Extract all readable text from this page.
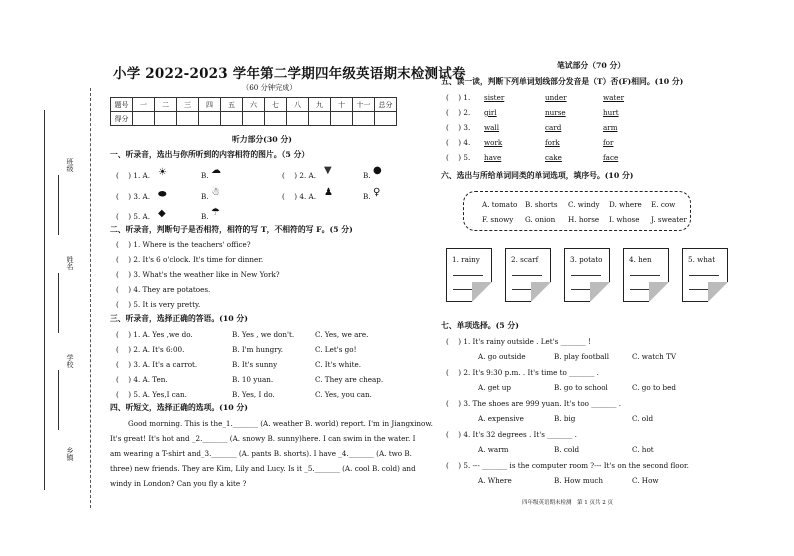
班级
姓名
学校
乡镇
小学 2022-2023 学年第二学期四年级英语期末检测试卷
（60 分钟完成）
题号	一	二	三	四	五	六	七	八	九	十	十一	总分
得分												
听力部分(30 分)
一、听录音，选出与你所听到的内容相符的图片。（5 分）
(　 ) 1. A. ☀	B. ☁	(　 ) 2. A. ▼	B. ●
(　 ) 3. A. ⬬	B. ☃	(　 ) 4. A. ♟	B. ♀
(　 ) 5. A. ◆	B. ☂
二、听录音，判断句子是否相符，相符的写 T，不相符的写 F。(5 分)
(　 ) 1. Where is the teachers' office?
(　 ) 2. It's 6 o'clock. It's time for dinner.
(　 ) 3. What's the weather like in New York?
(　 ) 4. They are potatoes.
(　 ) 5. It is very pretty.
三、听录音，选择正确的答语。(10 分)
(　 ) 1. A. Yes ,we do.	B. Yes , we don't.	C. Yes, we are.
(　 ) 2. A. It's 6:00.	B. I'm hungry.	C. Let's go!
(　 ) 3. A. It's a carrot.	B. It's sunny	C. It's white.
(　 ) 4. A. Ten.	B. 10 yuan.	C. They are cheap.
(　 ) 5. A. Yes,I can.	B. Yes, I do.	C. Yes, you can.
四、听短文，选择正确的选项。(10 分)
Good morning. This is the_1._______ (A. weather B. world) report. I'm in Jiangxinow.
It's great! It's hot and _2._______ (A. snowy B. sunny)here. I can swim in the water. I
am wearing a T-shirt and_3._______ (A. pants B. shorts). I have _4._______ (A. two B.
three) new friends. They are Kim, Lily and Lucy. Is it _5._______ (A. cool B. cold) and
windy in London? Can you fly a kite ?
笔试部分（70 分）
五、读一读，判断下列单词划线部分发音是（T）否(F)相同。(10 分)
(　 ) 1. sister	under	water
(　 ) 2. girl	nurse	hurt
(　 ) 3. wall	card	arm
(　 ) 4. work	fork	for
(　 ) 5. have	cake	face
六、选出与所给单词同类的单词选项，填序号。(10 分)
A. tomato B. shorts C. windy D. where E. cow
F. snowy G. onion H. horse I. whose J. sweater
1. rainy	2. scarf	3. potato	4. hen	5. what
七、单项选择。(5 分)
(　 ) 1. It's rainy outside . Let's _______ !
A. go outside	B. play football	C. watch TV
(　 ) 2. It's 9:30 p.m. . It's time to _______ .
A. get up	B. go to school	C. go to bed
(　 ) 3. The shoes are 999 yuan. It's too _______ .
A. expensive	B. big	C. old
(　 ) 4. It's 32 degrees . It's _______ .
A. warm	B. cold	C. hot
(　 ) 5. --- _______ is the computer room ?--- It's on the second floor.
A. Where	B. How much	C. How
四年级英语期末检测　第 1 页共 2 页
